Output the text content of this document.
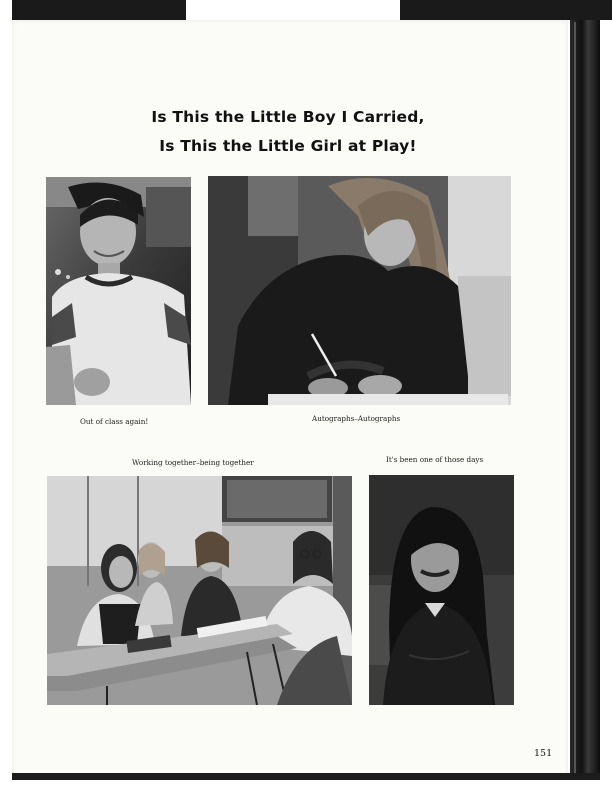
Is This the Little Boy I Carried,
Is This the Little Girl at Play!
Out of class again!	Autographs–Autographs
Working together–being together	It's been one of those days
151
